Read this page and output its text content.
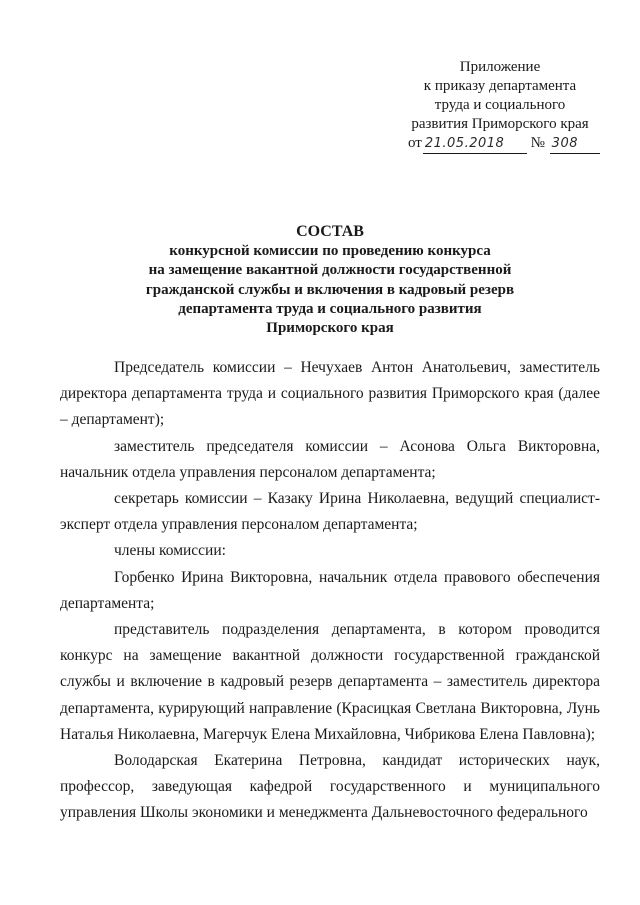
Приложение
к приказу департамента
труда и социального
развития Приморского края
от 21.05.2018 № 308
СОСТАВ
конкурсной комиссии по проведению конкурса
на замещение вакантной должности государственной
гражданской службы и включения в кадровый резерв
департамента труда и социального развития
Приморского края

Председатель комиссии – Нечухаев Антон Анатольевич, заместитель директора департамента труда и социального развития Приморского края (далее – департамент);

заместитель председателя комиссии – Асонова Ольга Викторовна, начальник отдела управления персоналом департамента;

секретарь комиссии – Казаку Ирина Николаевна, ведущий специалист-эксперт отдела управления персоналом департамента;

члены комиссии:

Горбенко Ирина Викторовна, начальник отдела правового обеспечения департамента;

представитель подразделения департамента, в котором проводится конкурс на замещение вакантной должности государственной гражданской службы и включение в кадровый резерв департамента – заместитель директора департамента, курирующий направление (Красицкая Светлана Викторовна, Лунь Наталья Николаевна, Магерчук Елена Михайловна, Чибрикова Елена Павловна);

Володарская Екатерина Петровна, кандидат исторических наук, профессор, заведующая кафедрой государственного и муниципального управления Школы экономики и менеджмента Дальневосточного федерального
